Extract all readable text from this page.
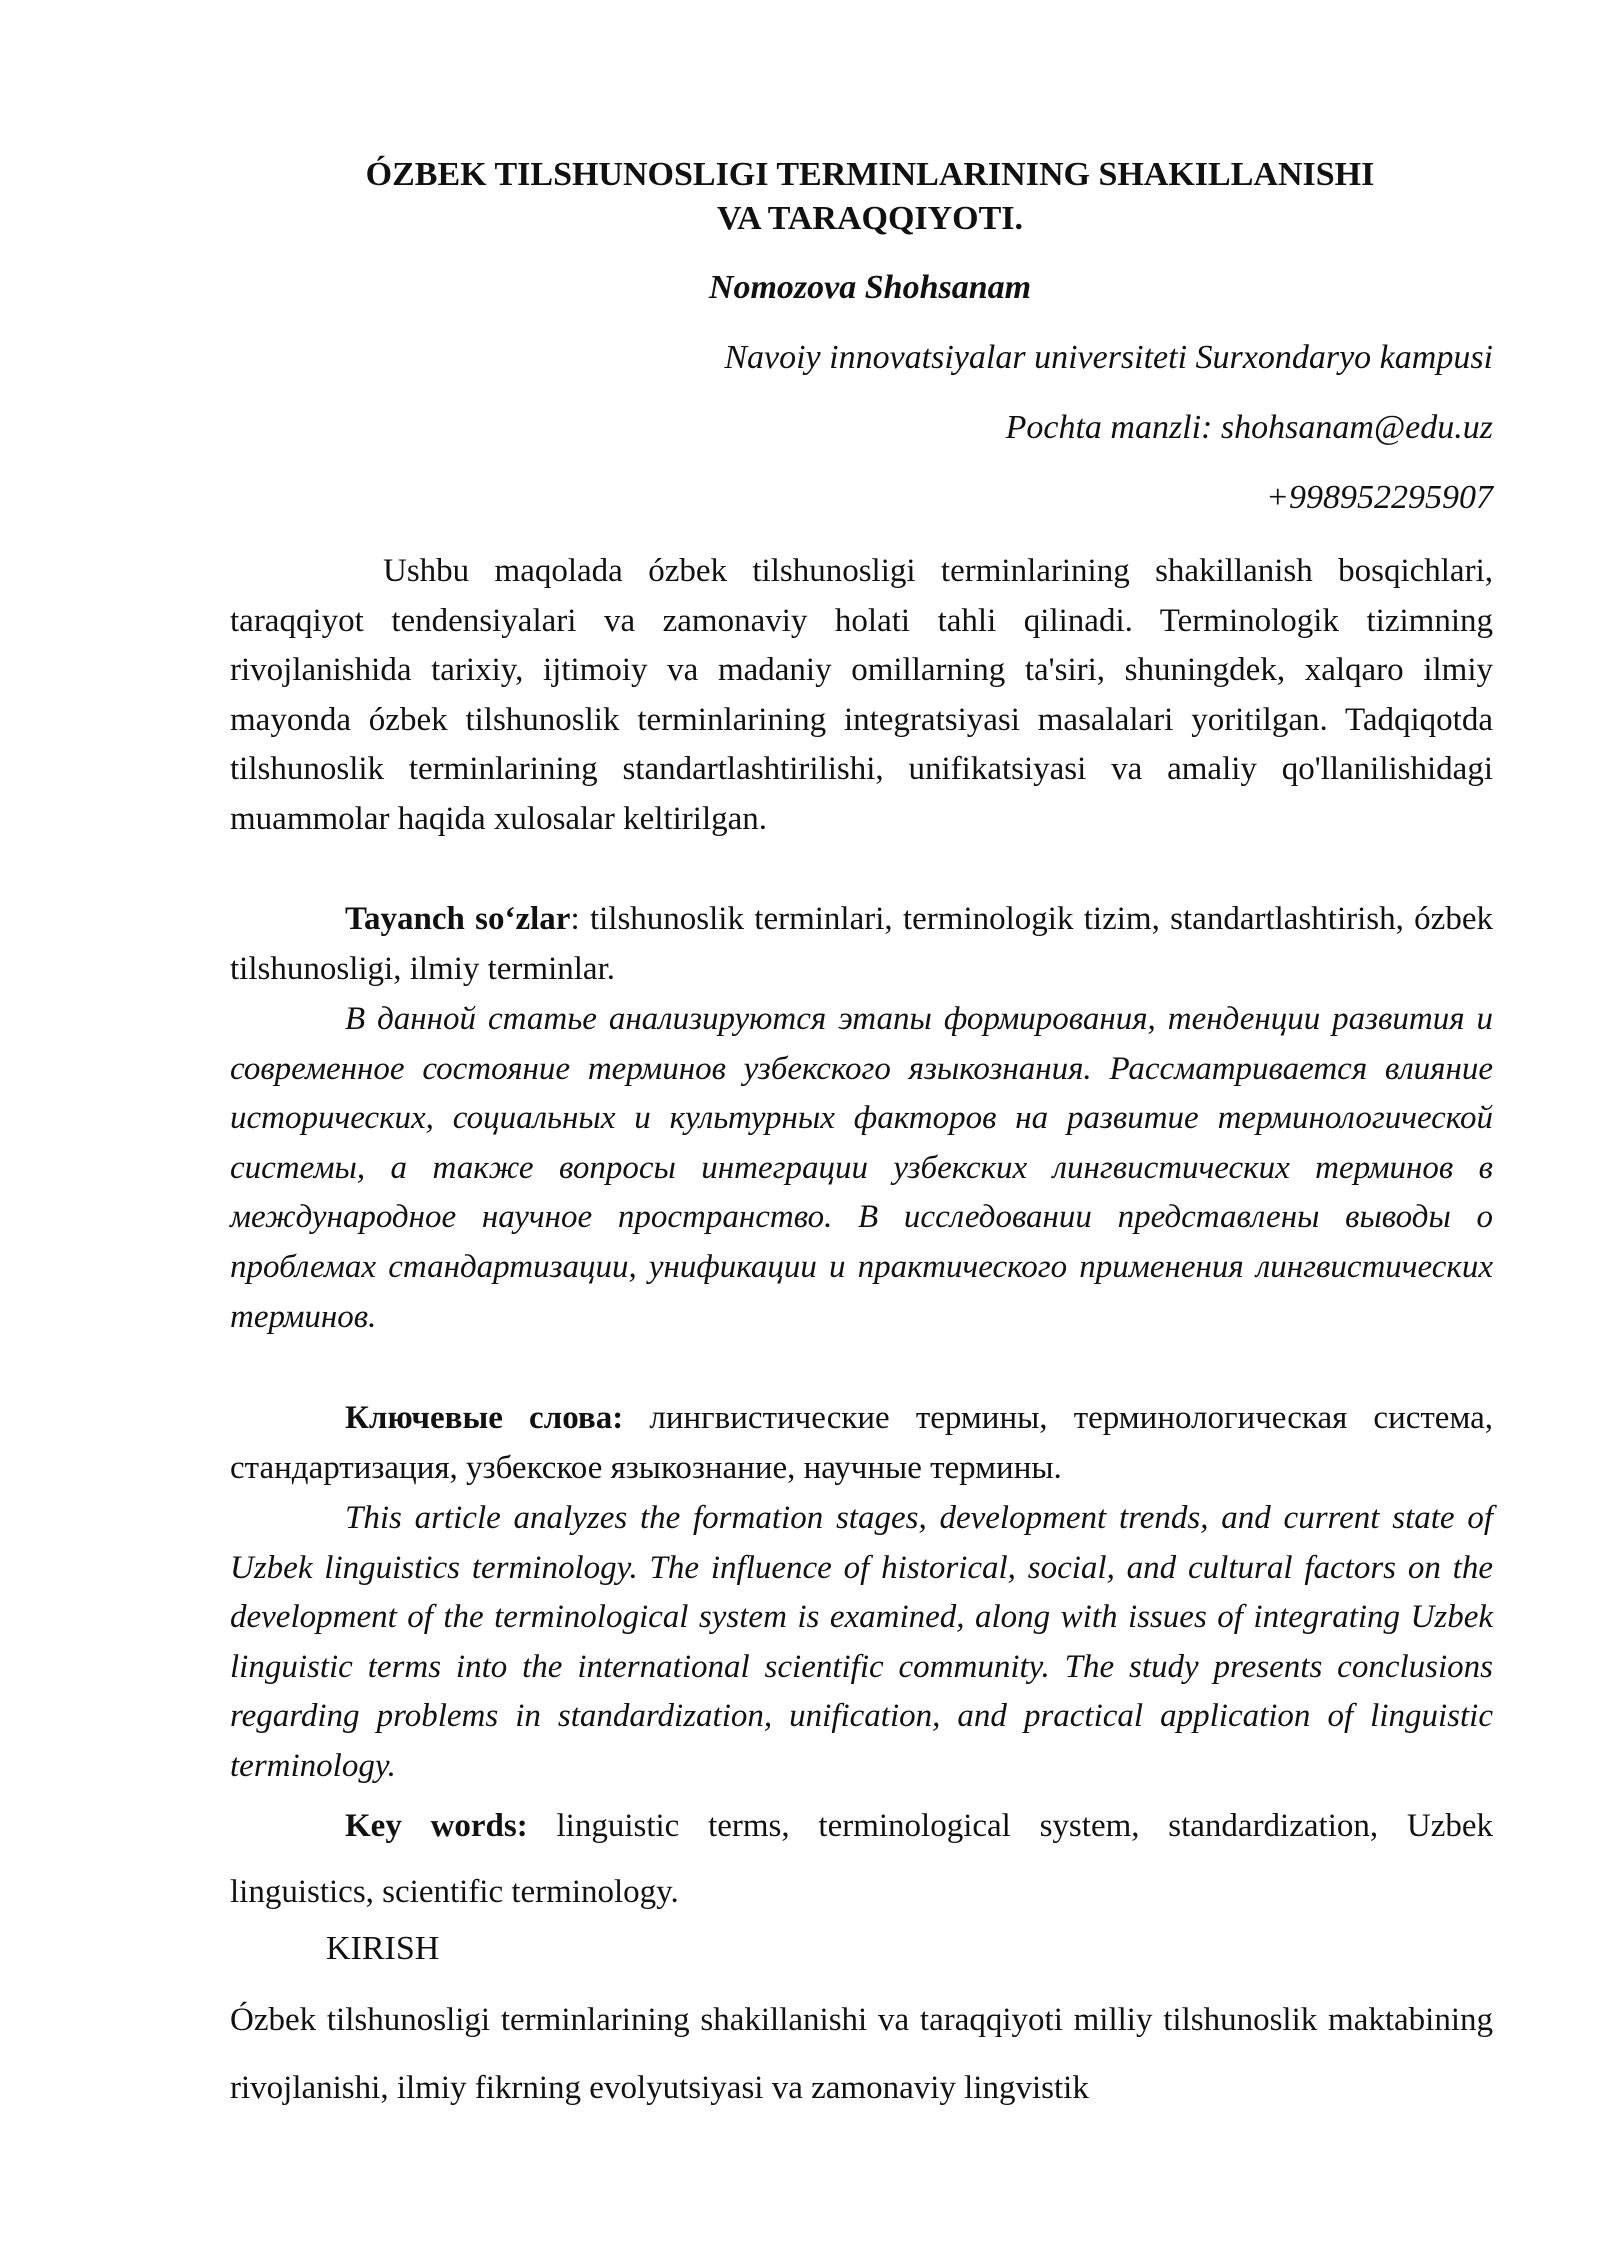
ÓZBEK TILSHUNOSLIGI TERMINLARINING SHAKILLANISHI

VA TARAQQIYOTI.

Nomozova Shohsanam

Navoiy innovatsiyalar universiteti Surxondaryo kampusi

Pochta manzli: shohsanam@edu.uz

+998952295907

Ushbu maqolada ózbek tilshunosligi terminlarining shakillanish bosqichlari, taraqqiyot tendensiyalari va zamonaviy holati tahli qilinadi. Terminologik tizimning rivojlanishida tarixiy, ijtimoiy va madaniy omillarning ta'siri, shuningdek, xalqaro ilmiy mayonda ózbek tilshunoslik terminlarining integratsiyasi masalalari yoritilgan. Tadqiqotda tilshunoslik terminlarining standartlashtirilishi, unifikatsiyasi va amaliy qo'llanilishidagi muammolar haqida xulosalar keltirilgan.

Tayanch so‘zlar: tilshunoslik terminlari, terminologik tizim, standartlashtirish, ózbek tilshunosligi, ilmiy terminlar.

В данной статье анализируются этапы формирования, тенденции развития и современное состояние терминов узбекского языкознания. Рассматривается влияние исторических, социальных и культурных факторов на развитие терминологической системы, а также вопросы интеграции узбекских лингвистических терминов в международное научное пространство. В исследовании представлены выводы о проблемах стандартизации, унификации и практического применения лингвистических терминов.

Ключевые слова: лингвистические термины, терминологическая система, стандартизация, узбекское языкознание, научные термины.

This article analyzes the formation stages, development trends, and current state of Uzbek linguistics terminology. The influence of historical, social, and cultural factors on the development of the terminological system is examined, along with issues of integrating Uzbek linguistic terms into the international scientific community. The study presents conclusions regarding problems in standardization, unification, and practical application of linguistic terminology.

Key words: linguistic terms, terminological system, standardization, Uzbek linguistics, scientific terminology.

KIRISH

Ózbek tilshunosligi terminlarining shakillanishi va taraqqiyoti milliy tilshunoslik maktabining rivojlanishi, ilmiy fikrning evolyutsiyasi va zamonaviy lingvistik
